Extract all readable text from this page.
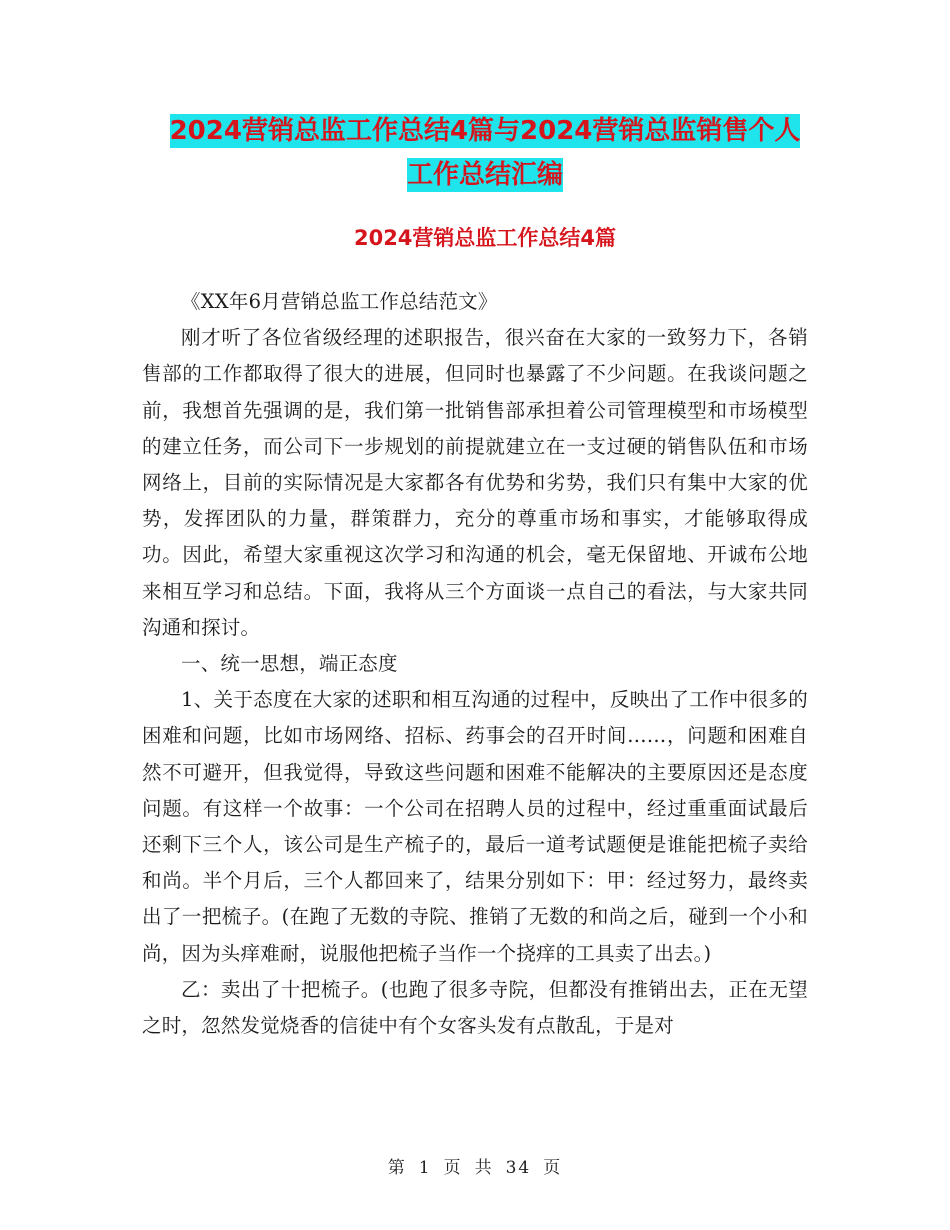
2024营销总监工作总结4篇与2024营销总监销售个人
工作总结汇编
2024营销总监工作总结4篇

《XX年6月营销总监工作总结范文》

刚才听了各位省级经理的述职报告，很兴奋在大家的一致努力下，各销售部的工作都取得了很大的进展，但同时也暴露了不少问题。在我谈问题之前，我想首先强调的是，我们第一批销售部承担着公司管理模型和市场模型的建立任务，而公司下一步规划的前提就建立在一支过硬的销售队伍和市场网络上，目前的实际情况是大家都各有优势和劣势，我们只有集中大家的优势，发挥团队的力量，群策群力，充分的尊重市场和事实，才能够取得成功。因此，希望大家重视这次学习和沟通的机会，毫无保留地、开诚布公地来相互学习和总结。下面，我将从三个方面谈一点自己的看法，与大家共同沟通和探讨。

一、统一思想，端正态度

1、关于态度在大家的述职和相互沟通的过程中，反映出了工作中很多的困难和问题，比如市场网络、招标、药事会的召开时间……，问题和困难自然不可避开，但我觉得，导致这些问题和困难不能解决的主要原因还是态度问题。有这样一个故事：一个公司在招聘人员的过程中，经过重重面试最后还剩下三个人，该公司是生产梳子的，最后一道考试题便是谁能把梳子卖给和尚。半个月后，三个人都回来了，结果分别如下：甲：经过努力，最终卖出了一把梳子。(在跑了无数的寺院、推销了无数的和尚之后，碰到一个小和尚，因为头痒难耐，说服他把梳子当作一个挠痒的工具卖了出去。)

乙：卖出了十把梳子。(也跑了很多寺院，但都没有推销出去，正在无望之时，忽然发觉烧香的信徒中有个女客头发有点散乱，于是对

第 1 页 共 34 页
